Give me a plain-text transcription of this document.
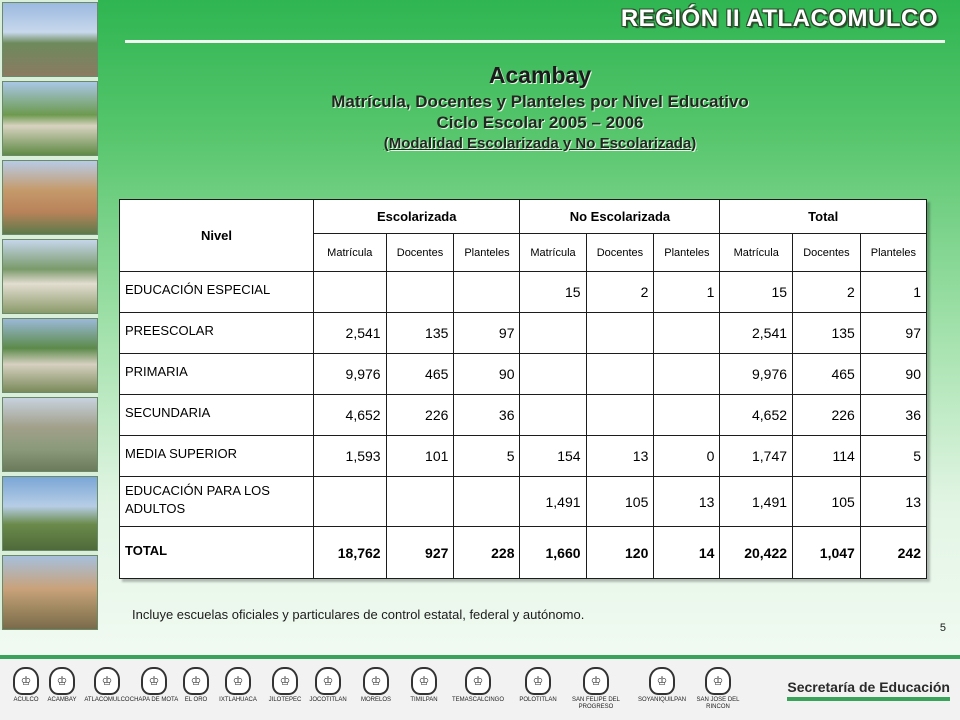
REGIÓN II ATLACOMULCO
Acambay
Matrícula, Docentes y Planteles por Nivel Educativo
Ciclo Escolar 2005 – 2006
(Modalidad Escolarizada y No Escolarizada)
Nivel	Escolarizada			No Escolarizada			Total		
	Matrícula	Docentes	Planteles	Matrícula	Docentes	Planteles	Matrícula	Docentes	Planteles
EDUCACIÓN ESPECIAL				15	2	1	15	2	1
PREESCOLAR	2,541	135	97				2,541	135	97
PRIMARIA	9,976	465	90				9,976	465	90
SECUNDARIA	4,652	226	36				4,652	226	36
MEDIA SUPERIOR	1,593	101	5	154	13	0	1,747	114	5
EDUCACIÓN PARA LOS ADULTOS				1,491	105	13	1,491	105	13
TOTAL	18,762	927	228	1,660	120	14	20,422	1,047	242
Incluye escuelas oficiales y particulares de control estatal, federal y autónomo.
5
♔
ACULCO
♔
ACAMBAY
♔
ATLACOMULCO
♔
CHAPA DE MOTA
♔
EL ORO
♔
IXTLAHUACA
♔
JILOTEPEC
♔
JOCOTITLAN
♔
MORELOS
♔
TIMILPAN
♔
TEMASCALCINGO
♔
POLOTITLAN
♔
SAN FELIPE DEL PROGRESO
♔
SOYANIQUILPAN
♔
SAN JOSE DEL RINCON
Secretaría de Educación
